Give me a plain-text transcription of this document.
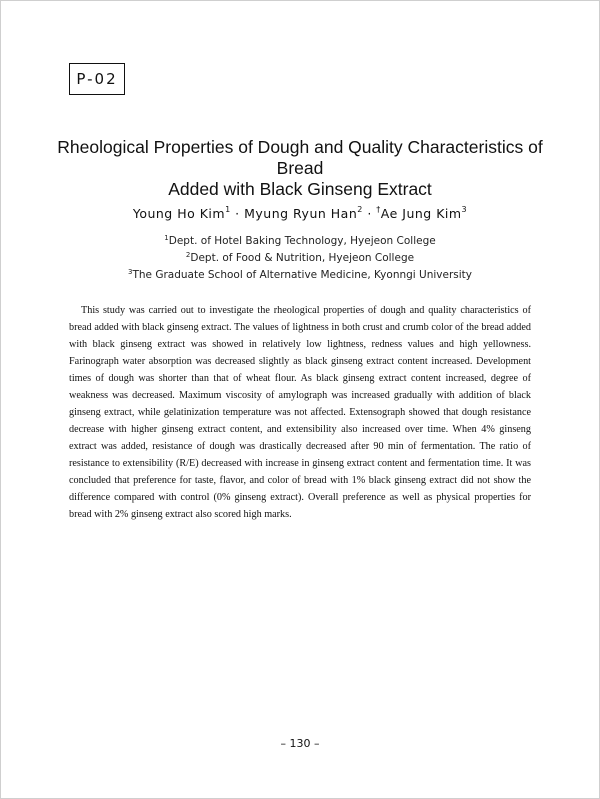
P-02
Rheological Properties of Dough and Quality Characteristics of Bread
Added with Black Ginseng Extract
Young Ho Kim$^1$ · Myung Ryun Han$^2$ · †Ae Jung Kim$^3$
$^1$Dept. of Hotel Baking Technology, Hyejeon College
$^2$Dept. of Food & Nutrition, Hyejeon College
$^3$The Graduate School of Alternative Medicine, Kyonngi University

This study was carried out to investigate the rheological properties of dough and quality characteristics of bread added with black ginseng extract. The values of lightness in both crust and crumb color of the bread added with black ginseng extract was showed in relatively low lightness, redness values and high yellowness. Farinograph water absorption was decreased slightly as black ginseng extract content increased. Development times of dough was shorter than that of wheat flour. As black ginseng extract content increased, degree of weakness was decreased. Maximum viscosity of amylograph was increased gradually with addition of black ginseng extract, while gelatinization temperature was not affected. Extensograph showed that dough resistance decrease with higher ginseng extract content, and extensibility also increased over time. When 4% ginseng extract was added, resistance of dough was drastically decreased after 90 min of fermentation. The ratio of resistance to extensibility (R/E) decreased with increase in ginseng extract content and fermentation time. It was concluded that preference for taste, flavor, and color of bread with 1% black ginseng extract did not show the difference compared with control (0% ginseng extract). Overall preference as well as physical properties for bread with 2% ginseng extract also scored high marks.

– 130 –
